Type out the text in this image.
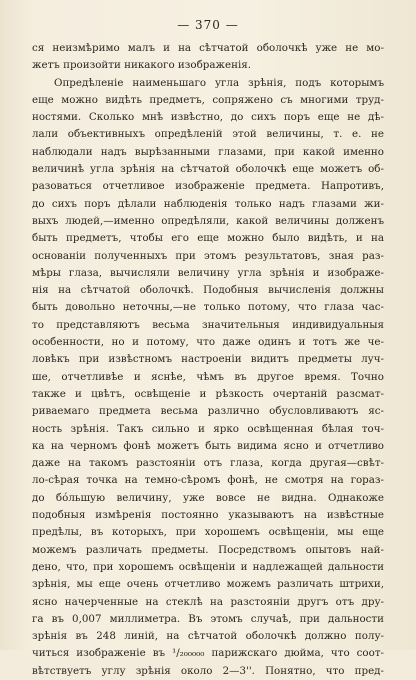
— 370 —
ся неизмѣримо малъ и на сѣтчатой оболочкѣ уже не мо-
жетъ произойти никакого изображенія.
Опредѣленіе наименьшаго угла зрѣнія, подъ которымъ
еще можно видѣть предметъ, сопряжено съ многими труд-
ностями. Сколько мнѣ извѣстно, до сихъ поръ еще не дѣ-
лали объективныхъ опредѣленій этой величины, т. е. не
наблюдали надъ вырѣзанными глазами, при какой именно
величинѣ угла зрѣнія на сѣтчатой оболочкѣ еще можетъ об-
разоваться отчетливое изображеніе предмета. Напротивъ,
до сихъ поръ дѣлали наблюденія только надъ глазами жи-
выхъ людей,—именно опредѣляли, какой величины долженъ
быть предметъ, чтобы его еще можно было видѣть, и на
основаніи полученныхъ при этомъ результатовъ, зная раз-
мѣры глаза, вычисляли величину угла зрѣнія и изображе-
нія на сѣтчатой оболочкѣ. Подобныя вычисленія должны
быть довольно неточны,—не только потому, что глаза час-
то представляютъ весьма значительныя индивидуальныя
особенности, но и потому, что даже одинъ и тотъ же че-
ловѣкъ при извѣстномъ настроеніи видитъ предметы луч-
ше, отчетливѣе и яснѣе, чѣмъ въ другое время. Точно
также и цвѣтъ, освѣщеніе и рѣзкость очертаній разсмат-
риваемаго предмета весьма различно обусловливаютъ яс-
ность зрѣнія. Такъ сильно и ярко освѣщенная бѣлая точ-
ка на черномъ фонѣ можетъ быть видима ясно и отчетливо
даже на такомъ разстояніи отъ глаза, когда другая—свѣт-
ло-сѣрая точка на темно-сѣромъ фонѣ, не смотря на горaз-
до бóльшую величину, уже вовсе не видна. Однакоже
подобныя измѣренія постоянно указываютъ на извѣстные
предѣлы, въ которыхъ, при хорошемъ освѣщеніи, мы еще
можемъ различать предметы. Посредствомъ опытовъ най-
дено, что, при хорошемъ освѣщеніи и надлежащей дальности
зрѣнія, мы еще очень отчетливо можемъ различать штрихи,
ясно начерченные на стеклѣ на разстояніи другъ отъ дру-
га въ 0,007 миллиметра. Въ этомъ случаѣ, при дальности
зрѣнія въ 248 линій, на сѣтчатой оболочкѣ должно полу-
читься изображеніе въ ¹/₂₀₀₀₀₀ парижскаго дюйма, что соот-
вѣтствуетъ углу зрѣнія около 2—3''. Понятно, что пред-
